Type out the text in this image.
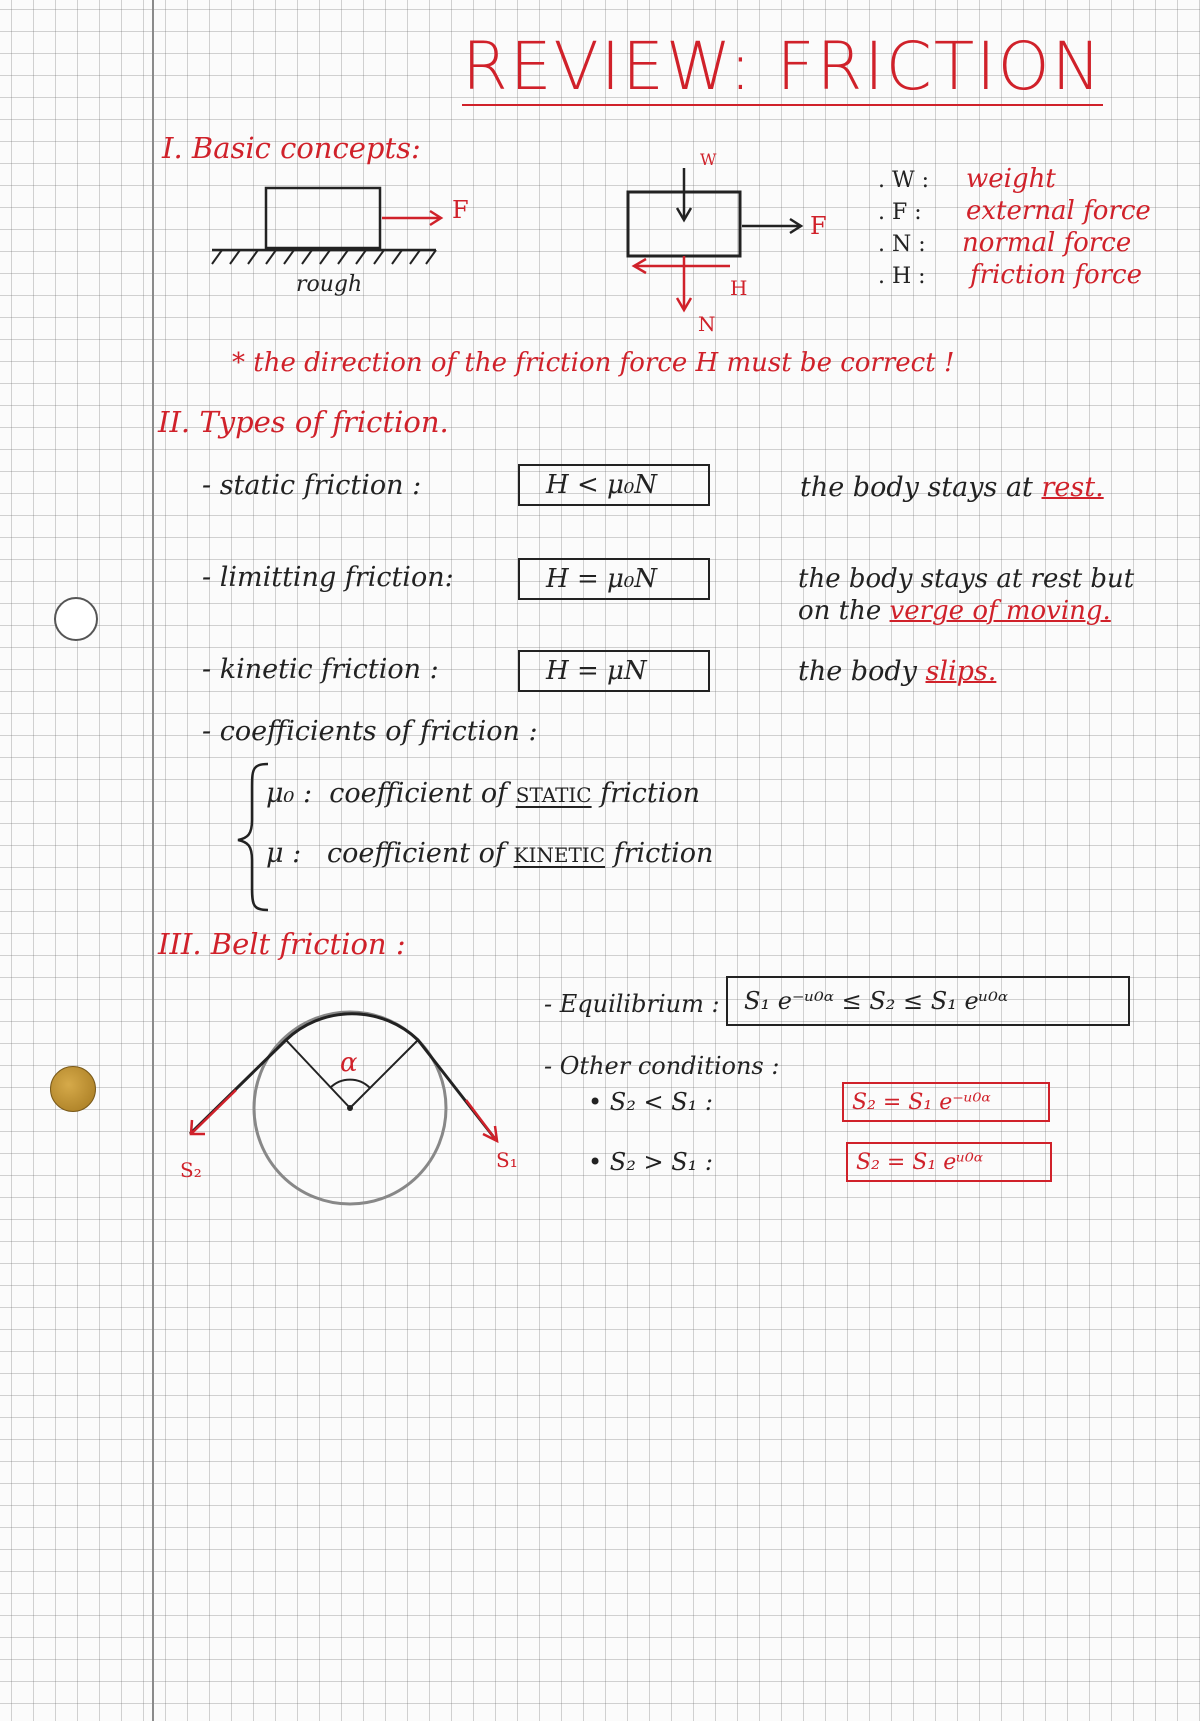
REVIEW: FRICTION
I. Basic concepts:
F
rough
W
F
H
N
. W : weight
. F : external force
. N : normal force
. H : friction force
* the direction of the friction force H must be correct !
II. Types of friction.
- static friction :	H < μ₀N	the body stays at rest.
- limitting friction:	H = μ₀N	the body stays at rest but
on the verge of moving.
- kinetic friction :	H = μN	the body slips.
- coefficients of friction :
μ₀ : coefficient of STATIC friction
μ : coefficient of KINETIC friction
III. Belt friction :
α
S₁
S₂
- Equilibrium :	S₁ e⁻ᵘ⁰ᵅ ≤ S₂ ≤ S₁ eᵘ⁰ᵅ
- Other conditions :
• S₂ < S₁ :	S₂ = S₁ e⁻ᵘ⁰ᵅ
• S₂ > S₁ :	S₂ = S₁ eᵘ⁰ᵅ
